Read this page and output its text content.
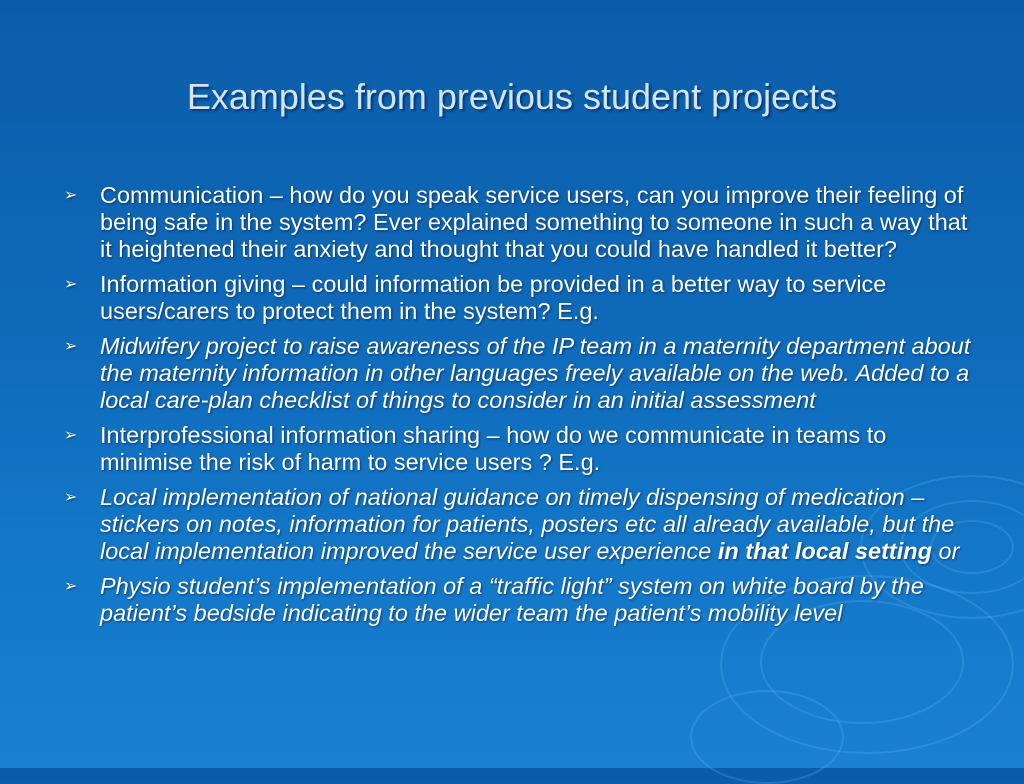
Examples from previous student projects
➢ Communication – how do you speak service users, can you improve their feeling of being safe in the system? Ever explained something to someone in such a way that it heightened their anxiety and thought that you could have handled it better?
➢ Information giving – could information be provided in a better way to service users/carers to protect them in the system? E.g.
➢ Midwifery project to raise awareness of the IP team in a maternity department about the maternity information in other languages freely available on the web. Added to a local care-plan checklist of things to consider in an initial assessment
➢ Interprofessional information sharing – how do we communicate in teams to minimise the risk of harm to service users ? E.g.
➢ Local implementation of national guidance on timely dispensing of medication – stickers on notes, information for patients, posters etc all already available, but the local implementation improved the service user experience in that local setting or
➢ Physio student’s implementation of a “traffic light” system on white board by the patient’s bedside indicating to the wider team the patient’s mobility level
